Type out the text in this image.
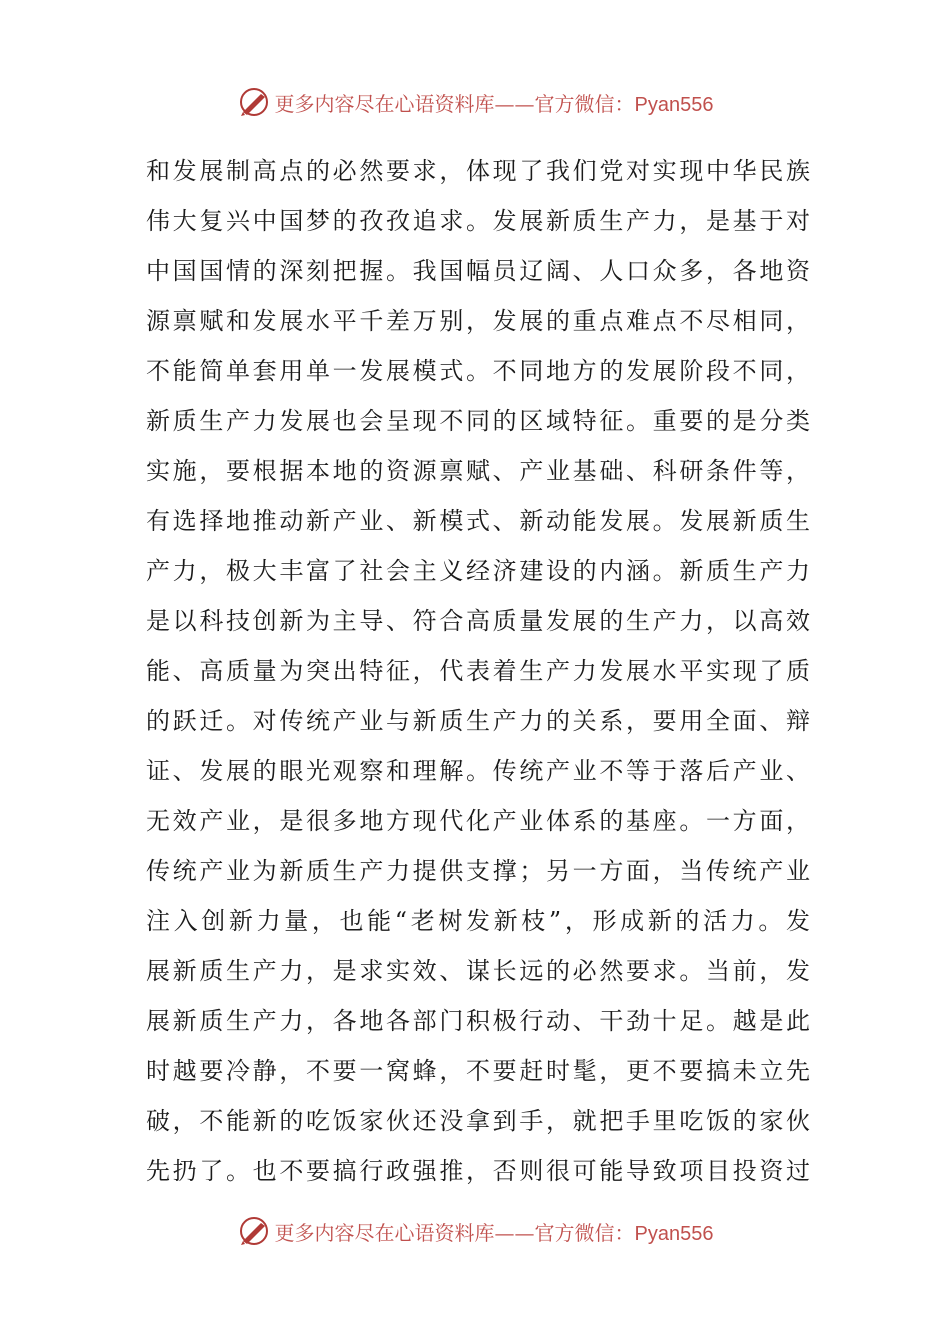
更多内容尽在心语资料库——官方微信：Pyan556
和发展制高点的必然要求，体现了我们党对实现中华民族
伟大复兴中国梦的孜孜追求。发展新质生产力，是基于对
中国国情的深刻把握。我国幅员辽阔、人口众多，各地资
源禀赋和发展水平千差万别，发展的重点难点不尽相同，
不能简单套用单一发展模式。不同地方的发展阶段不同，
新质生产力发展也会呈现不同的区域特征。重要的是分类
实施，要根据本地的资源禀赋、产业基础、科研条件等，
有选择地推动新产业、新模式、新动能发展。发展新质生
产力，极大丰富了社会主义经济建设的内涵。新质生产力
是以科技创新为主导、符合高质量发展的生产力，以高效
能、高质量为突出特征，代表着生产力发展水平实现了质
的跃迁。对传统产业与新质生产力的关系，要用全面、辩
证、发展的眼光观察和理解。传统产业不等于落后产业、
无效产业，是很多地方现代化产业体系的基座。一方面，
传统产业为新质生产力提供支撑；另一方面，当传统产业
注入创新力量，也能“老树发新枝”，形成新的活力。发
展新质生产力，是求实效、谋长远的必然要求。当前，发
展新质生产力，各地各部门积极行动、干劲十足。越是此
时越要冷静，不要一窝蜂，不要赶时髦，更不要搞未立先
破，不能新的吃饭家伙还没拿到手，就把手里吃饭的家伙
先扔了。也不要搞行政强推，否则很可能导致项目投资过
更多内容尽在心语资料库——官方微信：Pyan556
